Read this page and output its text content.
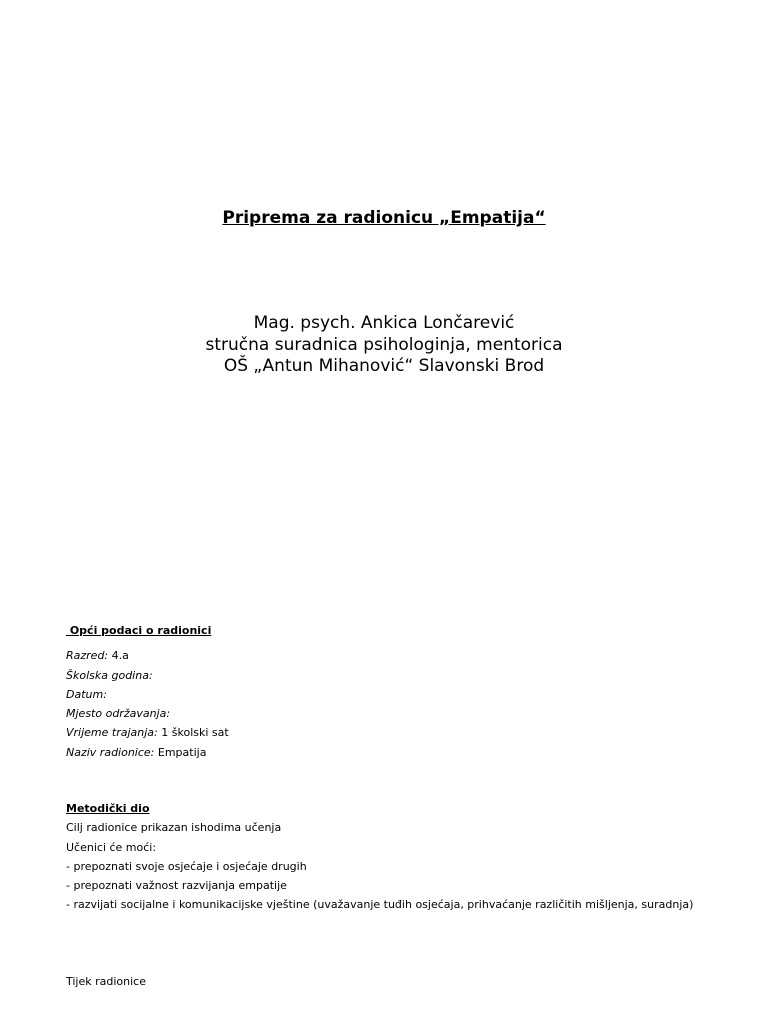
Priprema za radionicu „Empatija“
Mag. psych. Ankica Lončarević
stručna suradnica psihologinja, mentorica
OŠ „Antun Mihanović“ Slavonski Brod
Opći podaci o radionici
Razred: 4.a
Školska godina:
Datum:
Mjesto održavanja:
Vrijeme trajanja: 1 školski sat
Naziv radionice: Empatija
Metodički dio
Cilj radionice prikazan ishodima učenja
Učenici će moći:
- prepoznati svoje osjećaje i osjećaje drugih
- prepoznati važnost razvijanja empatije
- razvijati socijalne i komunikacijske vještine (uvažavanje tuđih osjećaja, prihvaćanje različitih mišljenja, suradnja)
Tijek radionice
